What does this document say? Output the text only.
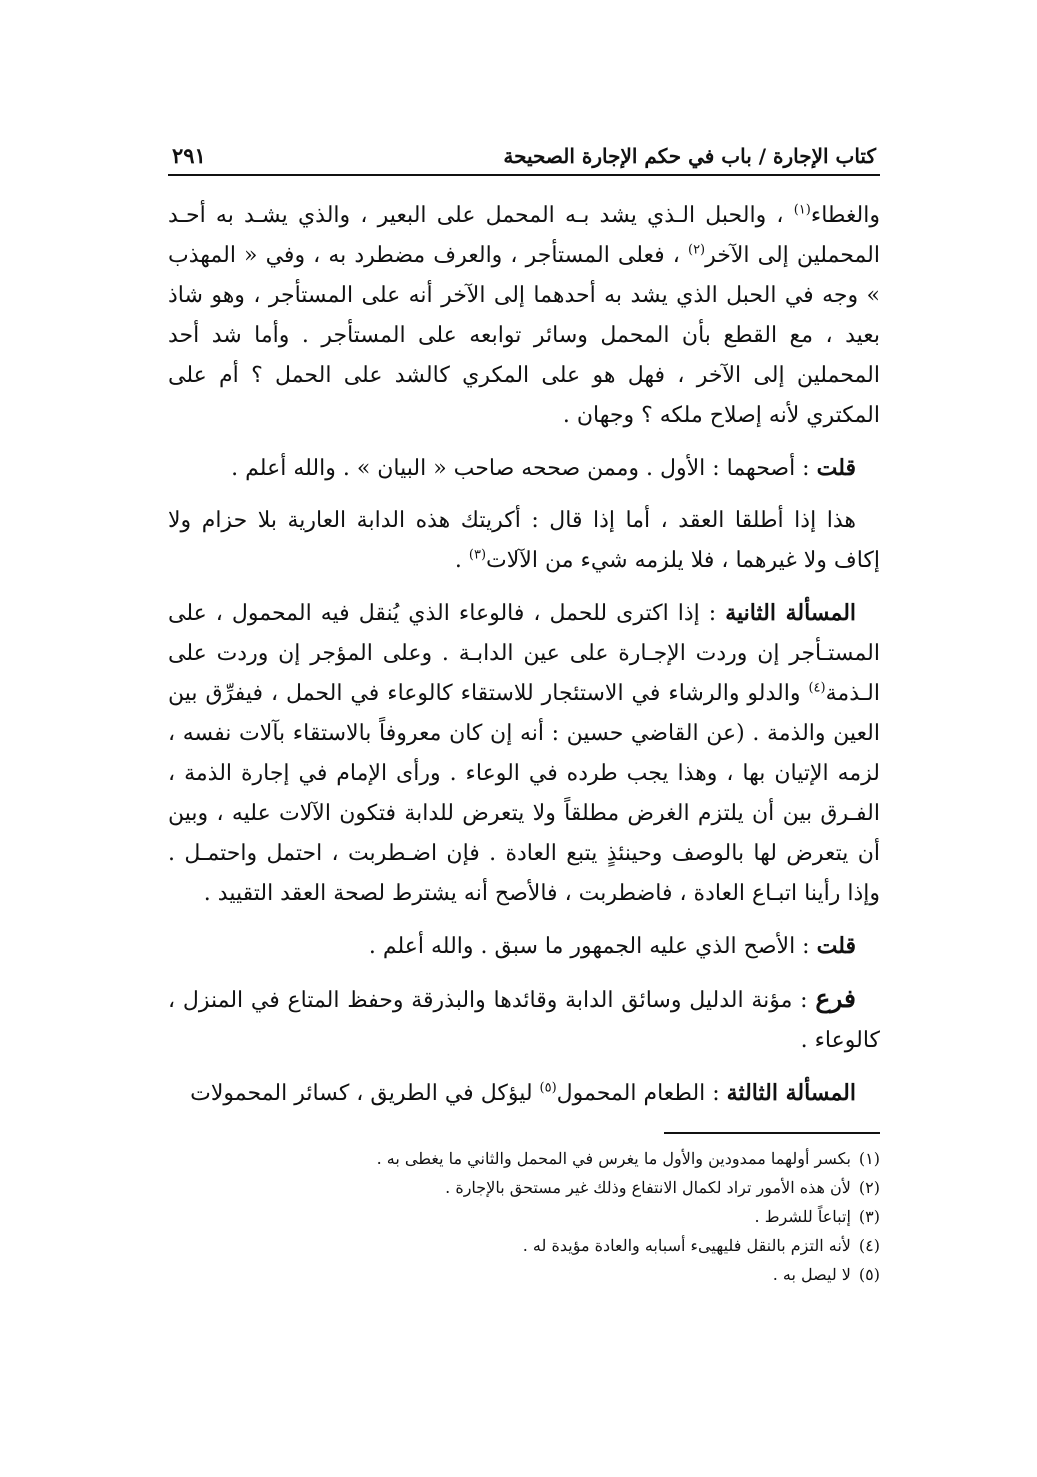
كتاب الإجارة / باب في حكم الإجارة الصحيحة
٢٩١

والغطاء$^{(١)}$ ، والحبل الـذي يشد بـه المحمل على البعير ، والذي يشـد به أحـد المحملين إلى الآخر$^{(٢)}$ ، فعلى المستأجر ، والعرف مضطرد به ، وفي « المهذب » وجه في الحبل الذي يشد به أحدهما إلى الآخر أنه على المستأجر ، وهو شاذ بعيد ، مع القطع بأن المحمل وسائر توابعه على المستأجر . وأما شد أحد المحملين إلى الآخر ، فهل هو على المكري كالشد على الحمل ؟ أم على المكتري لأنه إصلاح ملكه ؟ وجهان .

قلت : أصحهما : الأول . وممن صححه صاحب « البيان » . والله أعلم .

هذا إذا أطلقا العقد ، أما إذا قال : أكريتك هذه الدابة العارية بلا حزام ولا إكاف ولا غيرهما ، فلا يلزمه شيء من الآلات$^{(٣)}$ .

المسألة الثانية : إذا اكترى للحمل ، فالوعاء الذي يُنقل فيه المحمول ، على المستـأجر إن وردت الإجـارة على عين الدابـة . وعلى المؤجر إن وردت على الـذمة$^{(٤)}$ والدلو والرشاء في الاستئجار للاستقاء كالوعاء في الحمل ، فيفرِّق بين العين والذمة . (عن القاضي حسين : أنه إن كان معروفاً بالاستقاء بآلات نفسه ، لزمه الإتيان بها ، وهذا يجب طرده في الوعاء . ورأى الإمام في إجارة الذمة ، الفـرق بين أن يلتزم الغرض مطلقاً ولا يتعرض للدابة فتكون الآلات عليه ، وبين أن يتعرض لها بالوصف وحينئذٍ يتبع العادة . فإن اضـطربت ، احتمل واحتمـل . وإذا رأينا اتبـاع العادة ، فاضطربت ، فالأصح أنه يشترط لصحة العقد التقييد .

قلت : الأصح الذي عليه الجمهور ما سبق . والله أعلم .

فرع : مؤنة الدليل وسائق الدابة وقائدها والبذرقة وحفظ المتاع في المنزل ، كالوعاء .

المسألة الثالثة : الطعام المحمول$^{(٥)}$ ليؤكل في الطريق ، كسائر المحمولات

(١)
بكسر أولهما ممدودين والأول ما يغرس في المحمل والثاني ما يغطى به .
(٢)
لأن هذه الأمور تراد لكمال الانتفاع وذلك غير مستحق بالإجارة .
(٣)
إتباعاً للشرط .
(٤)
لأنه التزم بالنقل فليهيىء أسبابه والعادة مؤيدة له .
(٥)
لا ليصل به .
